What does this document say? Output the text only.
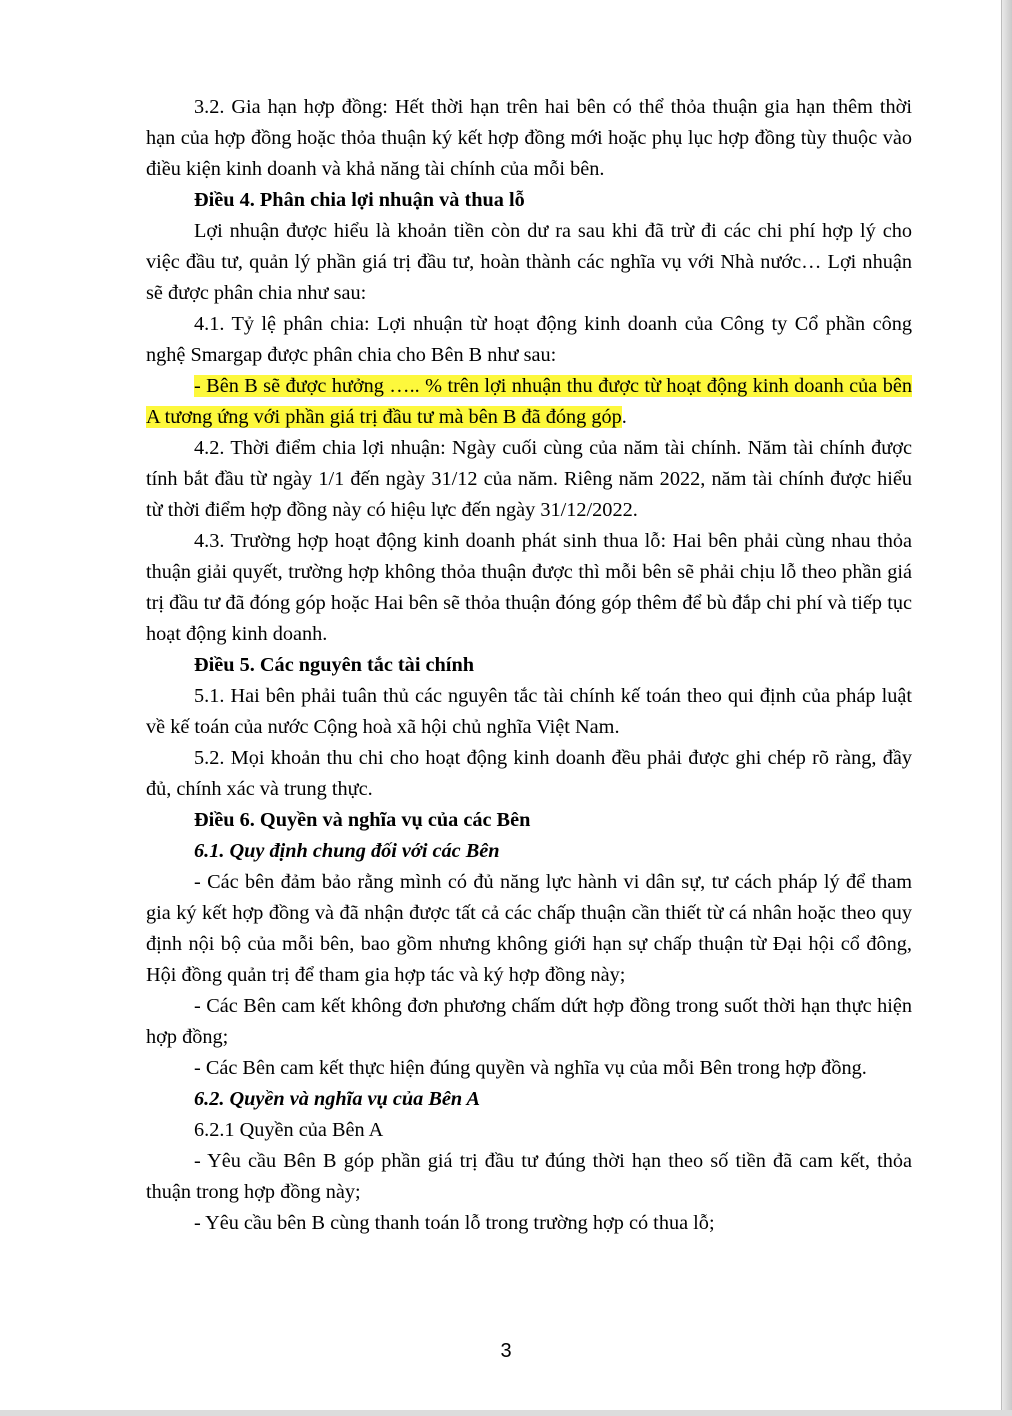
3.2. Gia hạn hợp đồng: Hết thời hạn trên hai bên có thể thỏa thuận gia hạn thêm thời hạn của hợp đồng hoặc thỏa thuận ký kết hợp đồng mới hoặc phụ lục hợp đồng tùy thuộc vào điều kiện kinh doanh và khả năng tài chính của mỗi bên.

Điều 4. Phân chia lợi nhuận và thua lỗ

Lợi nhuận được hiểu là khoản tiền còn dư ra sau khi đã trừ đi các chi phí hợp lý cho việc đầu tư, quản lý phần giá trị đầu tư, hoàn thành các nghĩa vụ với Nhà nước… Lợi nhuận sẽ được phân chia như sau:

4.1. Tỷ lệ phân chia: Lợi nhuận từ hoạt động kinh doanh của Công ty Cổ phần công nghệ Smargap được phân chia cho Bên B như sau:

- Bên B sẽ được hưởng ….. % trên lợi nhuận thu được từ hoạt động kinh doanh của bên A tương ứng với phần giá trị đầu tư mà bên B đã đóng góp.

4.2. Thời điểm chia lợi nhuận: Ngày cuối cùng của năm tài chính. Năm tài chính được tính bắt đầu từ ngày 1/1 đến ngày 31/12 của năm. Riêng năm 2022, năm tài chính được hiểu từ thời điểm hợp đồng này có hiệu lực đến ngày 31/12/2022.

4.3. Trường hợp hoạt động kinh doanh phát sinh thua lỗ: Hai bên phải cùng nhau thỏa thuận giải quyết, trường hợp không thỏa thuận được thì mỗi bên sẽ phải chịu lỗ theo phần giá trị đầu tư đã đóng góp hoặc Hai bên sẽ thỏa thuận đóng góp thêm để bù đắp chi phí và tiếp tục hoạt động kinh doanh.

Điều 5. Các nguyên tắc tài chính

5.1. Hai bên phải tuân thủ các nguyên tắc tài chính kế toán theo qui định của pháp luật về kế toán của nước Cộng hoà xã hội chủ nghĩa Việt Nam.

5.2. Mọi khoản thu chi cho hoạt động kinh doanh đều phải được ghi chép rõ ràng, đầy đủ, chính xác và trung thực.

Điều 6. Quyền và nghĩa vụ của các Bên

6.1. Quy định chung đối với các Bên

- Các bên đảm bảo rằng mình có đủ năng lực hành vi dân sự, tư cách pháp lý để tham gia ký kết hợp đồng và đã nhận được tất cả các chấp thuận cần thiết từ cá nhân hoặc theo quy định nội bộ của mỗi bên, bao gồm nhưng không giới hạn sự chấp thuận từ Đại hội cổ đông, Hội đồng quản trị để tham gia hợp tác và ký hợp đồng này;

- Các Bên cam kết không đơn phương chấm dứt hợp đồng trong suốt thời hạn thực hiện hợp đồng;

- Các Bên cam kết thực hiện đúng quyền và nghĩa vụ của mỗi Bên trong hợp đồng.

6.2. Quyền và nghĩa vụ của Bên A

6.2.1 Quyền của Bên A

- Yêu cầu Bên B góp phần giá trị đầu tư đúng thời hạn theo số tiền đã cam kết, thỏa thuận trong hợp đồng này;

- Yêu cầu bên B cùng thanh toán lỗ trong trường hợp có thua lỗ;

3
